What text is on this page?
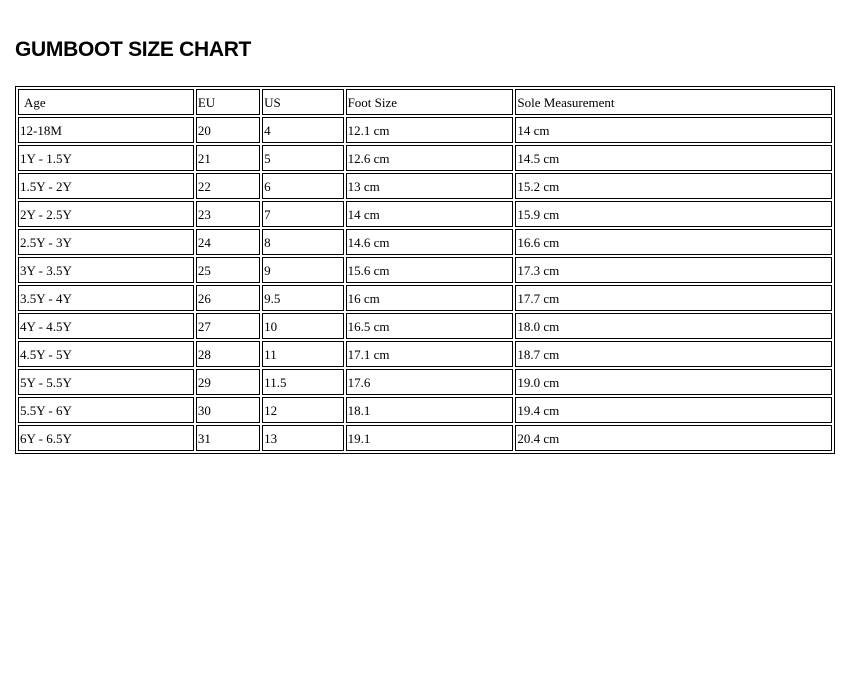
GUMBOOT SIZE CHART
Age	EU	US	Foot Size	Sole Measurement
12-18M	20	4	12.1 cm	14 cm
1Y - 1.5Y	21	5	12.6 cm	14.5 cm
1.5Y - 2Y	22	6	13 cm	15.2 cm
2Y - 2.5Y	23	7	14 cm	15.9 cm
2.5Y - 3Y	24	8	14.6 cm	16.6 cm
3Y - 3.5Y	25	9	15.6 cm	17.3 cm
3.5Y - 4Y	26	9.5	16 cm	17.7 cm
4Y - 4.5Y	27	10	16.5 cm	18.0 cm
4.5Y - 5Y	28	11	17.1 cm	18.7 cm
5Y - 5.5Y	29	11.5	17.6	19.0 cm
5.5Y - 6Y	30	12	18.1	19.4 cm
6Y - 6.5Y	31	13	19.1	20.4 cm
